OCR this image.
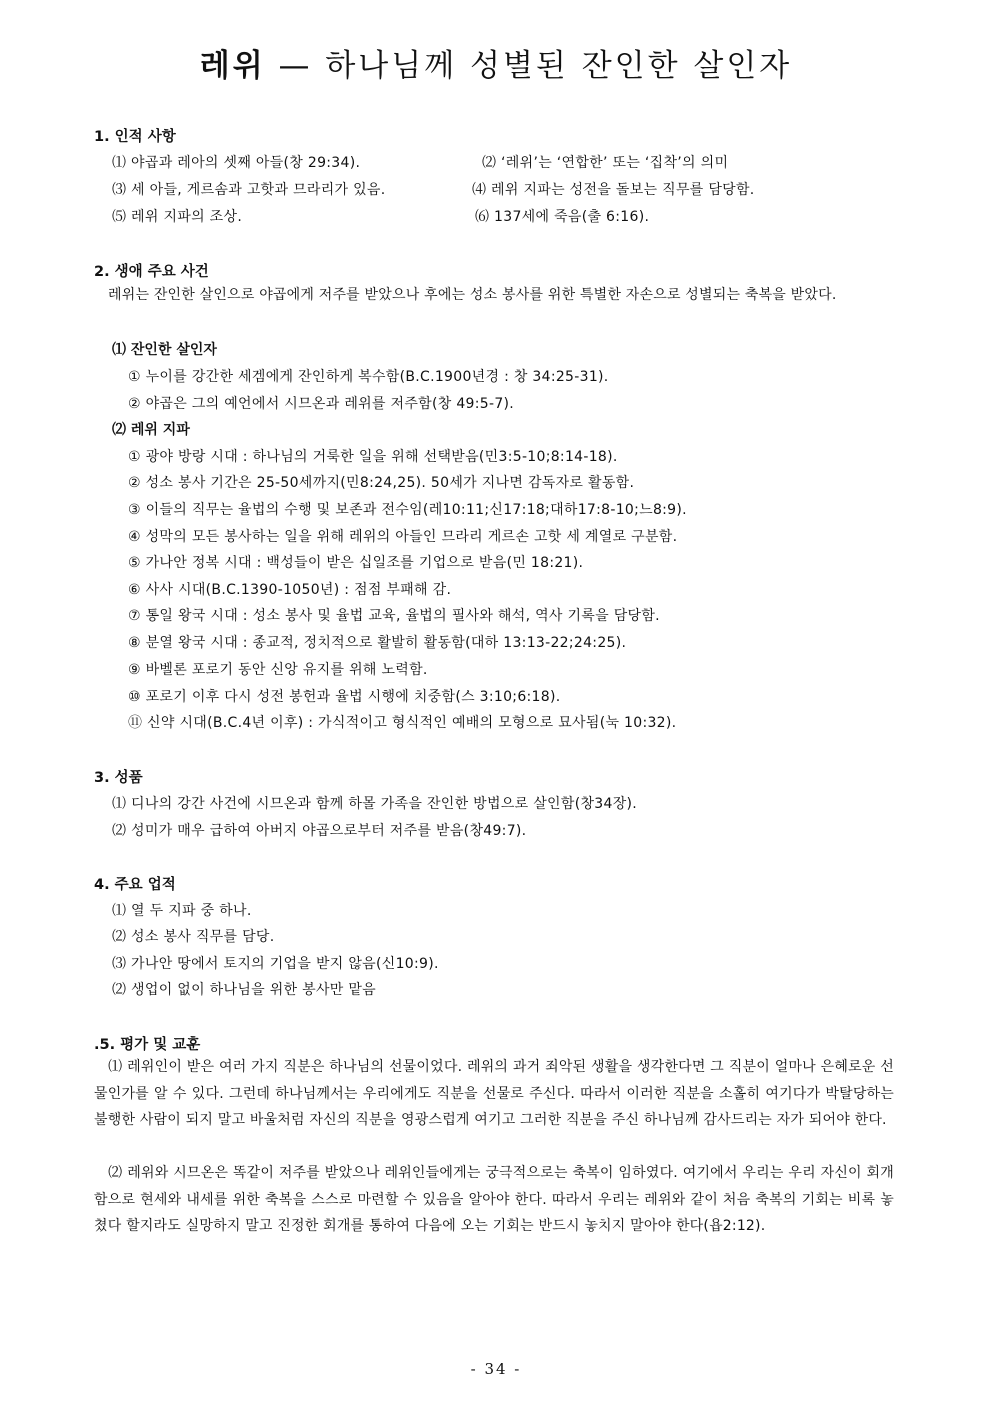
레위 — 하나님께 성별된 잔인한 살인자
1. 인적 사항
⑴ 야곱과 레아의 셋째 아들(창 29:34).	⑵ ‘레위’는 ‘연합한’ 또는 ‘집착’의 의미
⑶ 세 아들, 게르솜과 고핫과 므라리가 있음.	⑷ 레위 지파는 성전을 돌보는 직무를 담당함.
⑸ 레위 지파의 조상.	⑹ 137세에 죽음(출 6:16).
2. 생애 주요 사건
레위는 잔인한 살인으로 야곱에게 저주를 받았으나 후에는 성소 봉사를 위한 특별한 자손으로 성별되는 축복을 받았다.
⑴ 잔인한 살인자
① 누이를 강간한 세겜에게 잔인하게 복수함(B.C.1900년경 : 창 34:25-31).
② 야곱은 그의 예언에서 시므온과 레위를 저주함(창 49:5-7).
⑵ 레위 지파
① 광야 방랑 시대 : 하나님의 거룩한 일을 위해 선택받음(민3:5-10;8:14-18).
② 성소 봉사 기간은 25-50세까지(민8:24,25). 50세가 지나면 감독자로 활동함.
③ 이들의 직무는 율법의 수행 및 보존과 전수임(레10:11;신17:18;대하17:8-10;느8:9).
④ 성막의 모든 봉사하는 일을 위해 레위의 아들인 므라리 게르손 고핫 세 계열로 구분함.
⑤ 가나안 정복 시대 : 백성들이 받은 십일조를 기업으로 받음(민 18:21).
⑥ 사사 시대(B.C.1390-1050년) : 점점 부패해 감.
⑦ 통일 왕국 시대 : 성소 봉사 및 율법 교육, 율법의 필사와 해석, 역사 기록을 담당함.
⑧ 분열 왕국 시대 : 종교적, 정치적으로 활발히 활동함(대하 13:13-22;24:25).
⑨ 바벨론 포로기 동안 신앙 유지를 위해 노력함.
⑩ 포로기 이후 다시 성전 봉헌과 율법 시행에 치중함(스 3:10;6:18).
⑪ 신약 시대(B.C.4년 이후) : 가식적이고 형식적인 예배의 모형으로 묘사됨(눅 10:32).
3. 성품
⑴ 디나의 강간 사건에 시므온과 함께 하몰 가족을 잔인한 방법으로 살인함(창34장).
⑵ 성미가 매우 급하여 아버지 야곱으로부터 저주를 받음(창49:7).
4. 주요 업적
⑴ 열 두 지파 중 하나.
⑵ 성소 봉사 직무를 담당.
⑶ 가나안 땅에서 토지의 기업을 받지 않음(신10:9).
⑵ 생업이 없이 하나님을 위한 봉사만 맡음
.5. 평가 및 교훈
⑴ 레위인이 받은 여러 가지 직분은 하나님의 선물이었다. 레위의 과거 죄악된 생활을 생각한다면 그 직분이 얼마나 은혜로운 선물인가를 알 수 있다. 그런데 하나님께서는 우리에게도 직분을 선물로 주신다. 따라서 이러한 직분을 소홀히 여기다가 박탈당하는 불행한 사람이 되지 말고 바울처럼 자신의 직분을 영광스럽게 여기고 그러한 직분을 주신 하나님께 감사드리는 자가 되어야 한다.
⑵ 레위와 시므온은 똑같이 저주를 받았으나 레위인들에게는 궁극적으로는 축복이 임하였다. 여기에서 우리는 우리 자신이 회개함으로 현세와 내세를 위한 축복을 스스로 마련할 수 있음을 알아야 한다. 따라서 우리는 레위와 같이 처음 축복의 기회는 비록 놓쳤다 할지라도 실망하지 말고 진정한 회개를 통하여 다음에 오는 기회는 반드시 놓치지 말아야 한다(욥2:12).
- 34 -
